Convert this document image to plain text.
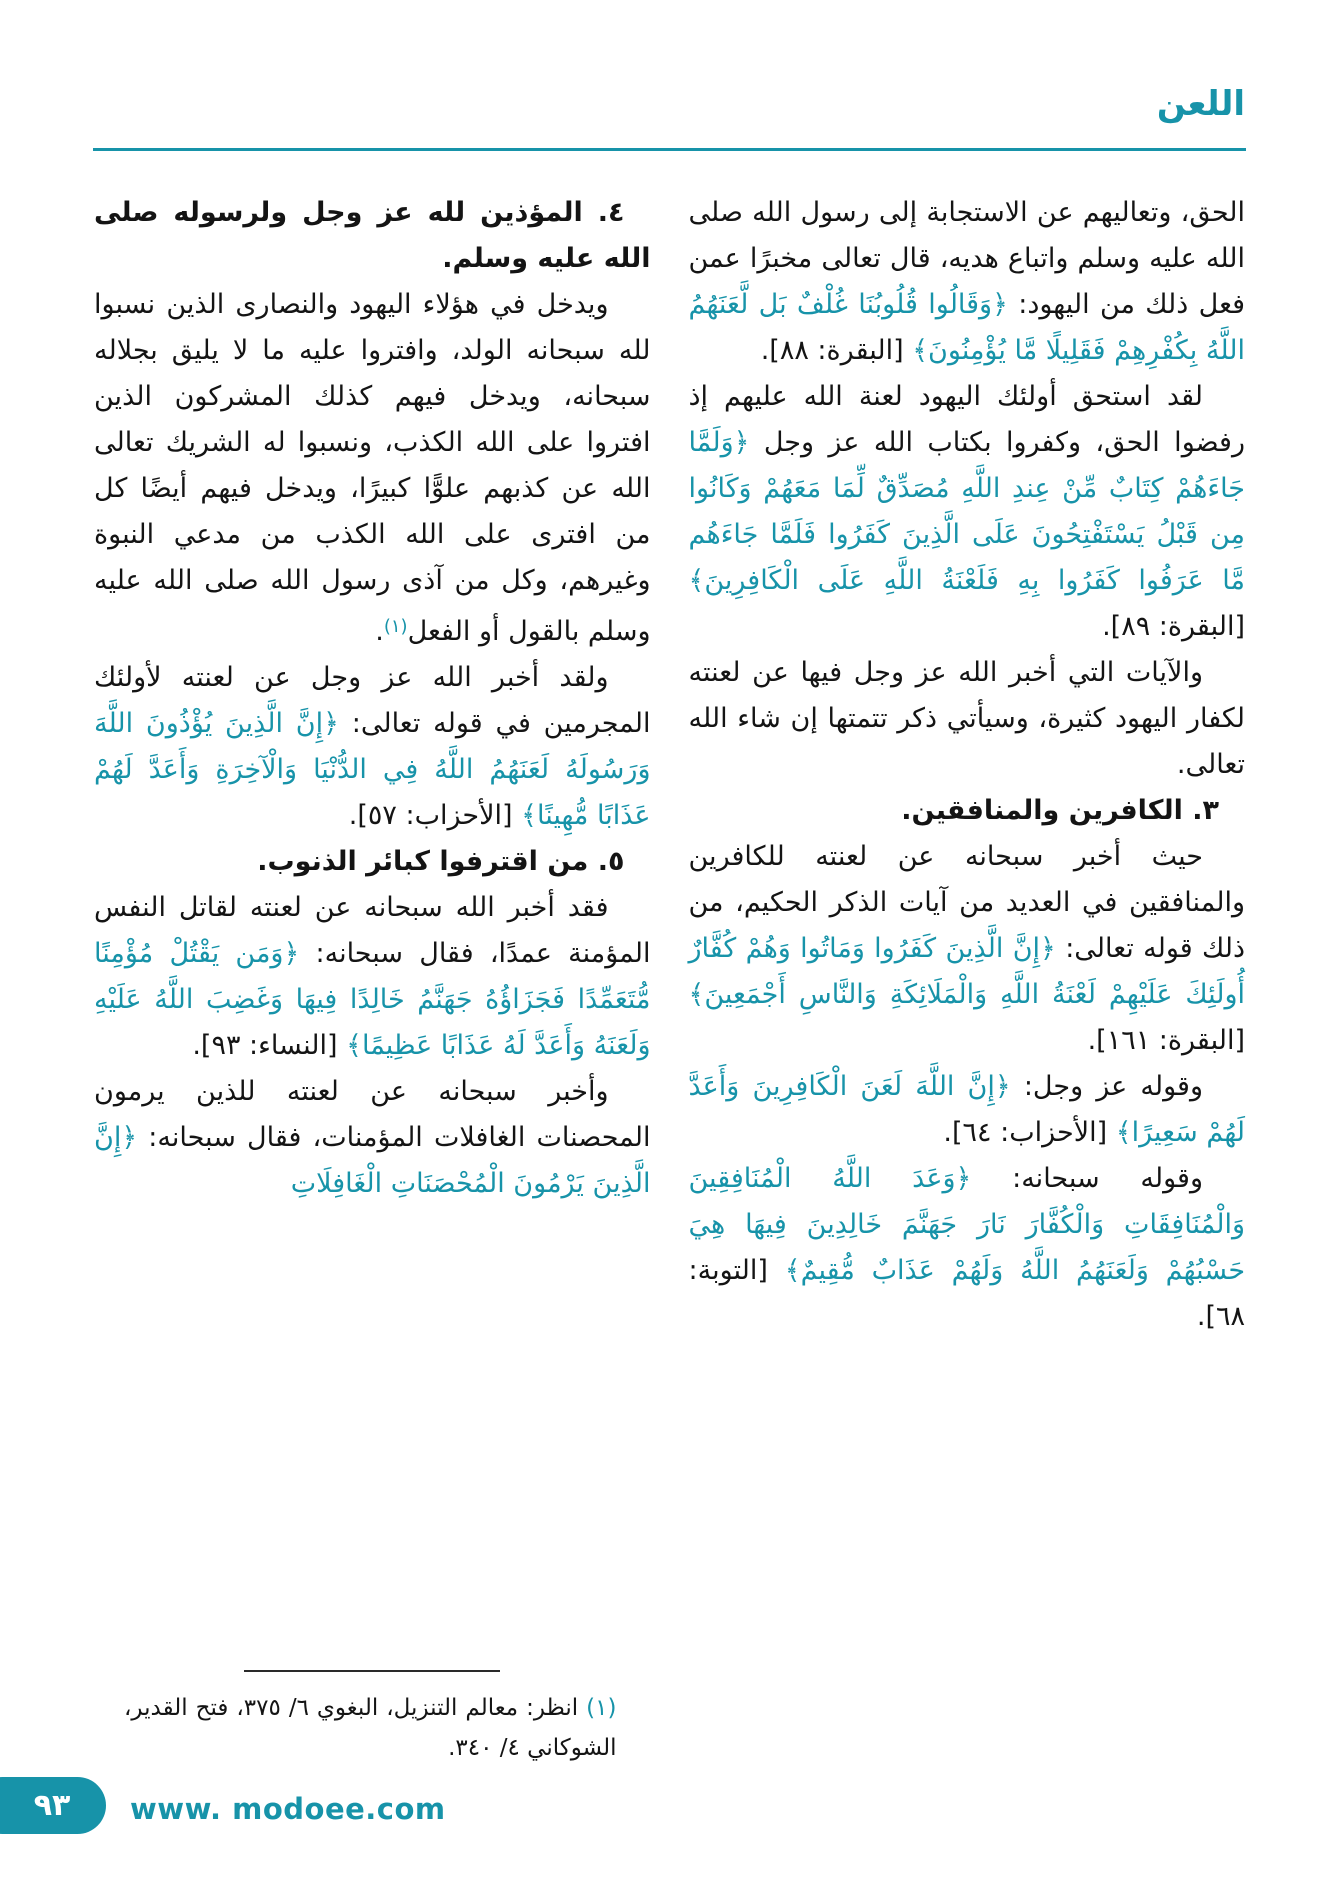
اللعن

الحق، وتعاليهم عن الاستجابة إلى رسول الله صلى الله عليه وسلم واتباع هديه، قال تعالى مخبرًا عمن فعل ذلك من اليهود: ﴿وَقَالُوا قُلُوبُنَا غُلْفٌ بَل لَّعَنَهُمُ اللَّهُ بِكُفْرِهِمْ فَقَلِيلًا مَّا يُؤْمِنُونَ﴾ [البقرة: ٨٨].

لقد استحق أولئك اليهود لعنة الله عليهم إذ رفضوا الحق، وكفروا بكتاب الله عز وجل ﴿وَلَمَّا جَاءَهُمْ كِتَابٌ مِّنْ عِندِ اللَّهِ مُصَدِّقٌ لِّمَا مَعَهُمْ وَكَانُوا مِن قَبْلُ يَسْتَفْتِحُونَ عَلَى الَّذِينَ كَفَرُوا فَلَمَّا جَاءَهُم مَّا عَرَفُوا كَفَرُوا بِهِ فَلَعْنَةُ اللَّهِ عَلَى الْكَافِرِينَ﴾ [البقرة: ٨٩].

والآيات التي أخبر الله عز وجل فيها عن لعنته لكفار اليهود كثيرة، وسيأتي ذكر تتمتها إن شاء الله تعالى.

٣. الكافرين والمنافقين.

حيث أخبر سبحانه عن لعنته للكافرين والمنافقين في العديد من آيات الذكر الحكيم، من ذلك قوله تعالى: ﴿إِنَّ الَّذِينَ كَفَرُوا وَمَاتُوا وَهُمْ كُفَّارٌ أُولَئِكَ عَلَيْهِمْ لَعْنَةُ اللَّهِ وَالْمَلَائِكَةِ وَالنَّاسِ أَجْمَعِينَ﴾ [البقرة: ١٦١].

وقوله عز وجل: ﴿إِنَّ اللَّهَ لَعَنَ الْكَافِرِينَ وَأَعَدَّ لَهُمْ سَعِيرًا﴾ [الأحزاب: ٦٤].

وقوله سبحانه: ﴿وَعَدَ اللَّهُ الْمُنَافِقِينَ وَالْمُنَافِقَاتِ وَالْكُفَّارَ نَارَ جَهَنَّمَ خَالِدِينَ فِيهَا هِيَ حَسْبُهُمْ وَلَعَنَهُمُ اللَّهُ وَلَهُمْ عَذَابٌ مُّقِيمٌ﴾ [التوبة: ٦٨].

٤. المؤذين لله عز وجل ولرسوله صلى الله عليه وسلم.

ويدخل في هؤلاء اليهود والنصارى الذين نسبوا لله سبحانه الولد، وافتروا عليه ما لا يليق بجلاله سبحانه، ويدخل فيهم كذلك المشركون الذين افتروا على الله الكذب، ونسبوا له الشريك تعالى الله عن كذبهم علوًّا كبيرًا، ويدخل فيهم أيضًا كل من افترى على الله الكذب من مدعي النبوة وغيرهم، وكل من آذى رسول الله صلى الله عليه وسلم بالقول أو الفعل$^{(١)}$.

ولقد أخبر الله عز وجل عن لعنته لأولئك المجرمين في قوله تعالى: ﴿إِنَّ الَّذِينَ يُؤْذُونَ اللَّهَ وَرَسُولَهُ لَعَنَهُمُ اللَّهُ فِي الدُّنْيَا وَالْآخِرَةِ وَأَعَدَّ لَهُمْ عَذَابًا مُّهِينًا﴾ [الأحزاب: ٥٧].

٥. من اقترفوا كبائر الذنوب.

فقد أخبر الله سبحانه عن لعنته لقاتل النفس المؤمنة عمدًا، فقال سبحانه: ﴿وَمَن يَقْتُلْ مُؤْمِنًا مُّتَعَمِّدًا فَجَزَاؤُهُ جَهَنَّمُ خَالِدًا فِيهَا وَغَضِبَ اللَّهُ عَلَيْهِ وَلَعَنَهُ وَأَعَدَّ لَهُ عَذَابًا عَظِيمًا﴾ [النساء: ٩٣].

وأخبر سبحانه عن لعنته للذين يرمون المحصنات الغافلات المؤمنات، فقال سبحانه: ﴿إِنَّ الَّذِينَ يَرْمُونَ الْمُحْصَنَاتِ الْغَافِلَاتِ

(١) انظر: معالم التنزيل، البغوي ٦/ ٣٧٥، فتح القدير، الشوكاني ٤/ ٣٤٠.

٩٣ www. modoee.com
